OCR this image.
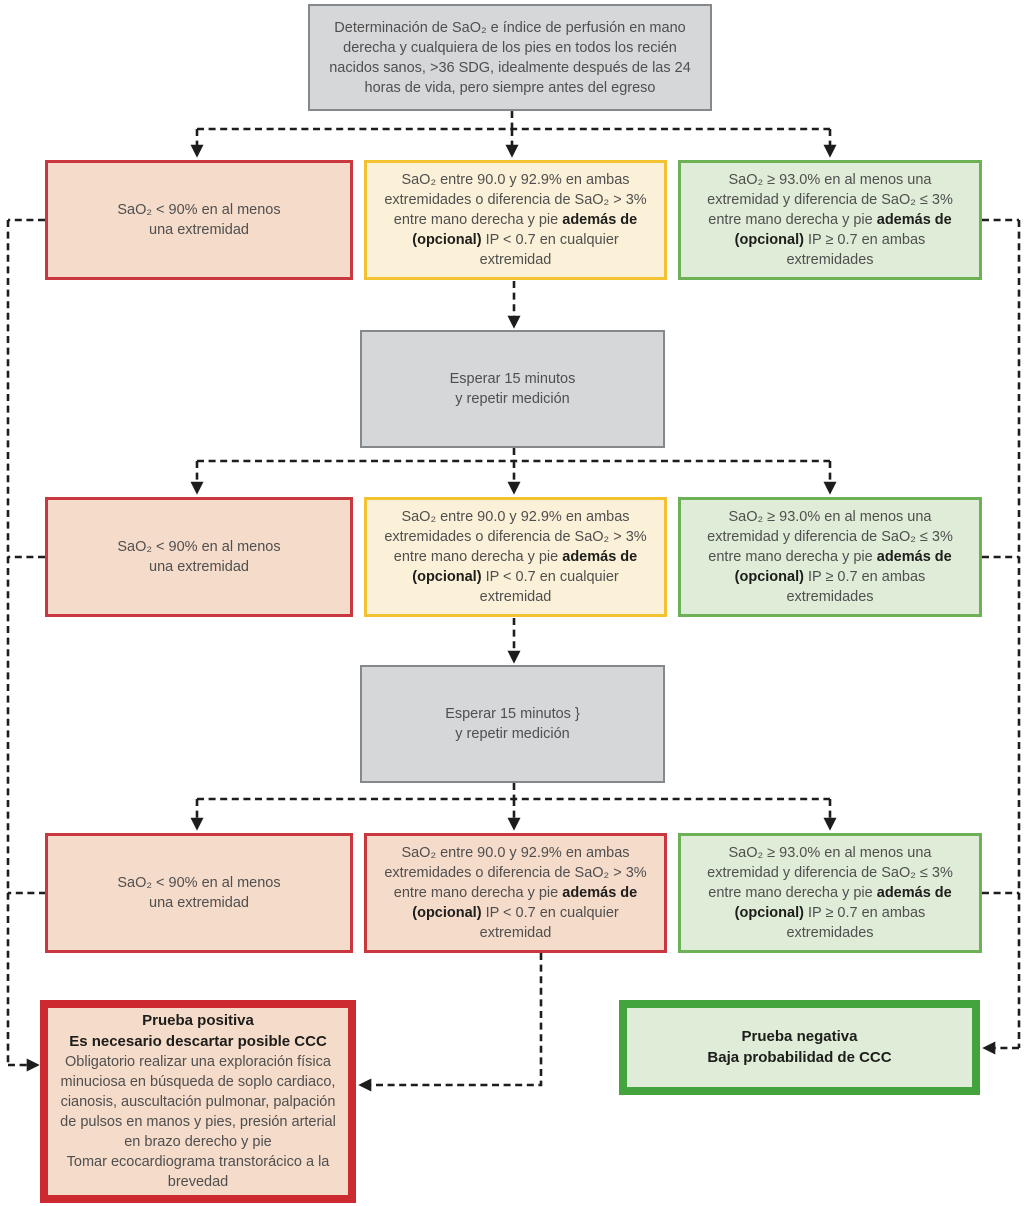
Determinación de SaO₂ e índice de perfusión en mano derecha y cualquiera de los pies en todos los recién nacidos sanos, >36 SDG, idealmente después de las 24 horas de vida, pero siempre antes del egreso
SaO₂ < 90% en al menos
una extremidad
SaO₂ entre 90.0 y 92.9% en ambas extremidades o diferencia de SaO₂ > 3% entre mano derecha y pie además de (opcional) IP < 0.7 en cualquier extremidad
SaO₂ ≥ 93.0% en al menos una extremidad y diferencia de SaO₂ ≤ 3% entre mano derecha y pie además de (opcional) IP ≥ 0.7 en ambas extremidades
Esperar 15 minutos
y repetir medición
SaO₂ < 90% en al menos
una extremidad
SaO₂ entre 90.0 y 92.9% en ambas extremidades o diferencia de SaO₂ > 3% entre mano derecha y pie además de (opcional) IP < 0.7 en cualquier extremidad
SaO₂ ≥ 93.0% en al menos una extremidad y diferencia de SaO₂ ≤ 3% entre mano derecha y pie además de (opcional) IP ≥ 0.7 en ambas extremidades
Esperar 15 minutos }
y repetir medición
SaO₂ < 90% en al menos
una extremidad
SaO₂ entre 90.0 y 92.9% en ambas extremidades o diferencia de SaO₂ > 3% entre mano derecha y pie además de (opcional) IP < 0.7 en cualquier extremidad
SaO₂ ≥ 93.0% en al menos una extremidad y diferencia de SaO₂ ≤ 3% entre mano derecha y pie además de (opcional) IP ≥ 0.7 en ambas extremidades
Prueba positiva
Es necesario descartar posible CCC
Obligatorio realizar una exploración física minuciosa en búsqueda de soplo cardiaco, cianosis, auscultación pulmonar, palpación de pulsos en manos y pies, presión arterial en brazo derecho y pie
Tomar ecocardiograma transtorácico a la brevedad
Prueba negativa
Baja probabilidad de CCC
